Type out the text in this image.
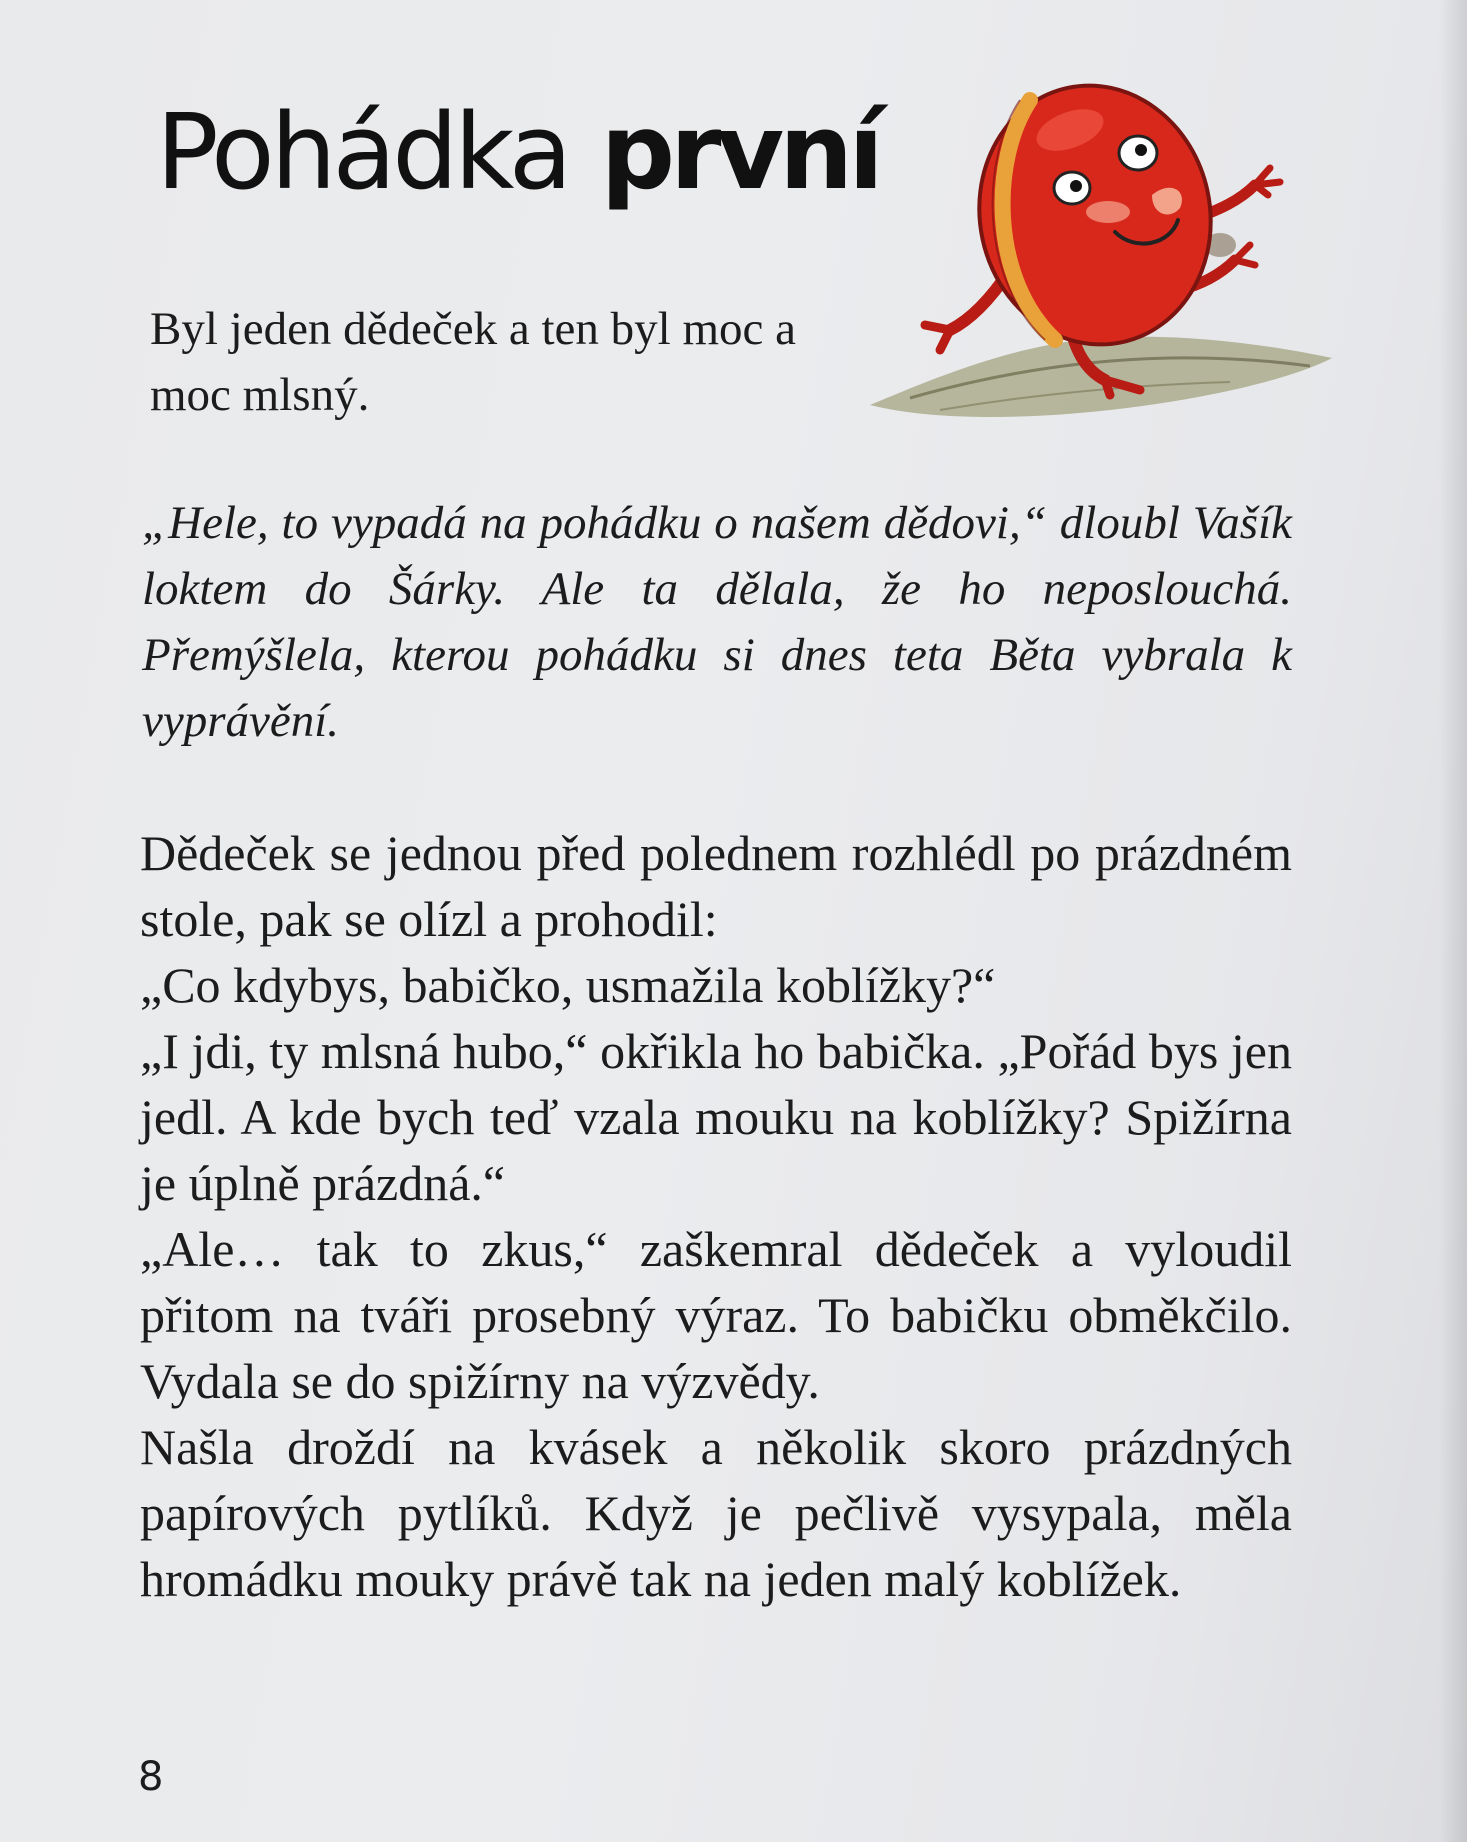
Pohádka první

Byl jeden dědeček a ten byl moc a moc mlsný.

„Hele, to vypadá na pohádku o našem dědovi,“ dloubl Vašík loktem do Šárky. Ale ta dělala, že ho neposlouchá. Přemýšlela, kterou pohádku si dnes teta Běta vybrala k vyprávění.

Dědeček se jednou před polednem rozhlédl po prázdném stole, pak se olízl a prohodil:

„Co kdybys, babičko, usmažila koblížky?“

„I jdi, ty mlsná hubo,“ okřikla ho babička. „Pořád bys jen jedl. A kde bych teď vzala mouku na koblížky? Spižírna je úplně prázdná.“

„Ale… tak to zkus,“ zaškemral dědeček a vyloudil přitom na tváři prosebný výraz. To babičku obměkčilo. Vydala se do spižírny na výzvědy.

Našla droždí na kvásek a několik skoro prázdných papírových pytlíků. Když je pečlivě vysypala, měla hromádku mouky právě tak na jeden malý koblížek.

8
